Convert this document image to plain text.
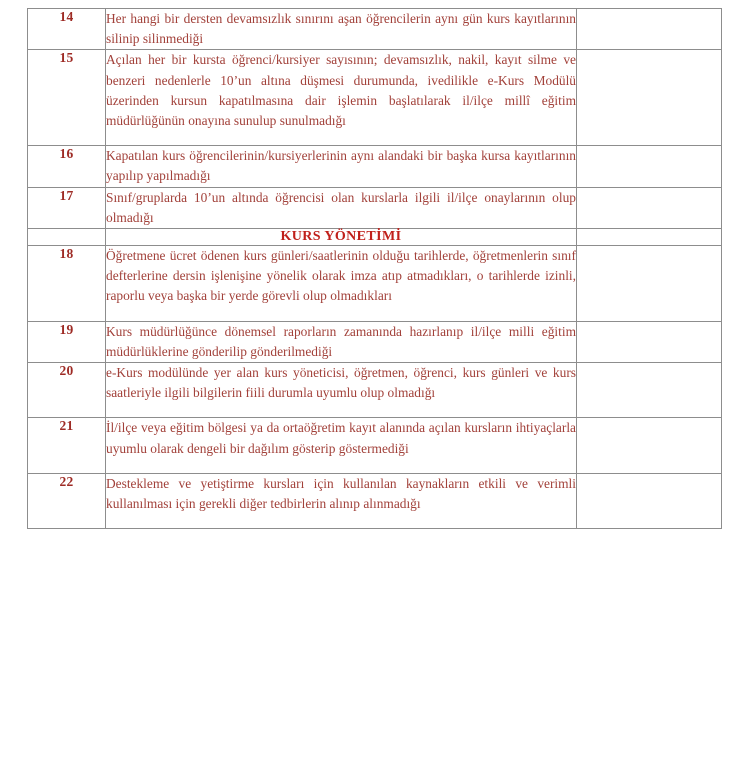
14	Her hangi bir dersten devamsızlık sınırını aşan öğrencilerin aynı gün kurs kayıtlarının silinip silinmediği	
15	Açılan her bir kursta öğrenci/kursiyer sayısının; devamsızlık, nakil, kayıt silme ve benzeri nedenlerle 10’un altına düşmesi durumunda, ivedilikle e-Kurs Modülü üzerinden kursun kapatılmasına dair işlemin başlatılarak il/ilçe millî eğitim müdürlüğünün onayına sunulup sunulmadığı	
16	Kapatılan kurs öğrencilerinin/kursiyerlerinin aynı alandaki bir başka kursa kayıtlarının yapılıp yapılmadığı	
17	Sınıf/gruplarda 10’un altında öğrencisi olan kurslarla ilgili il/ilçe onaylarının olup olmadığı	
	KURS YÖNETİMİ	
18	Öğretmene ücret ödenen kurs günleri/saatlerinin olduğu tarihlerde, öğretmenlerin sınıf defterlerine dersin işlenişine yönelik olarak imza atıp atmadıkları, o tarihlerde izinli, raporlu veya başka bir yerde görevli olup olmadıkları	
19	Kurs müdürlüğünce dönemsel raporların zamanında hazırlanıp il/ilçe milli eğitim müdürlüklerine gönderilip gönderilmediği	
20	e-Kurs modülünde yer alan kurs yöneticisi, öğretmen, öğrenci, kurs günleri ve kurs saatleriyle ilgili bilgilerin fiili durumla uyumlu olup olmadığı	
21	İl/ilçe veya eğitim bölgesi ya da ortaöğretim kayıt alanında açılan kursların ihtiyaçlarla uyumlu olarak dengeli bir dağılım gösterip göstermediği	
22	Destekleme ve yetiştirme kursları için kullanılan kaynakların etkili ve verimli kullanılması için gerekli diğer tedbirlerin alınıp alınmadığı	
